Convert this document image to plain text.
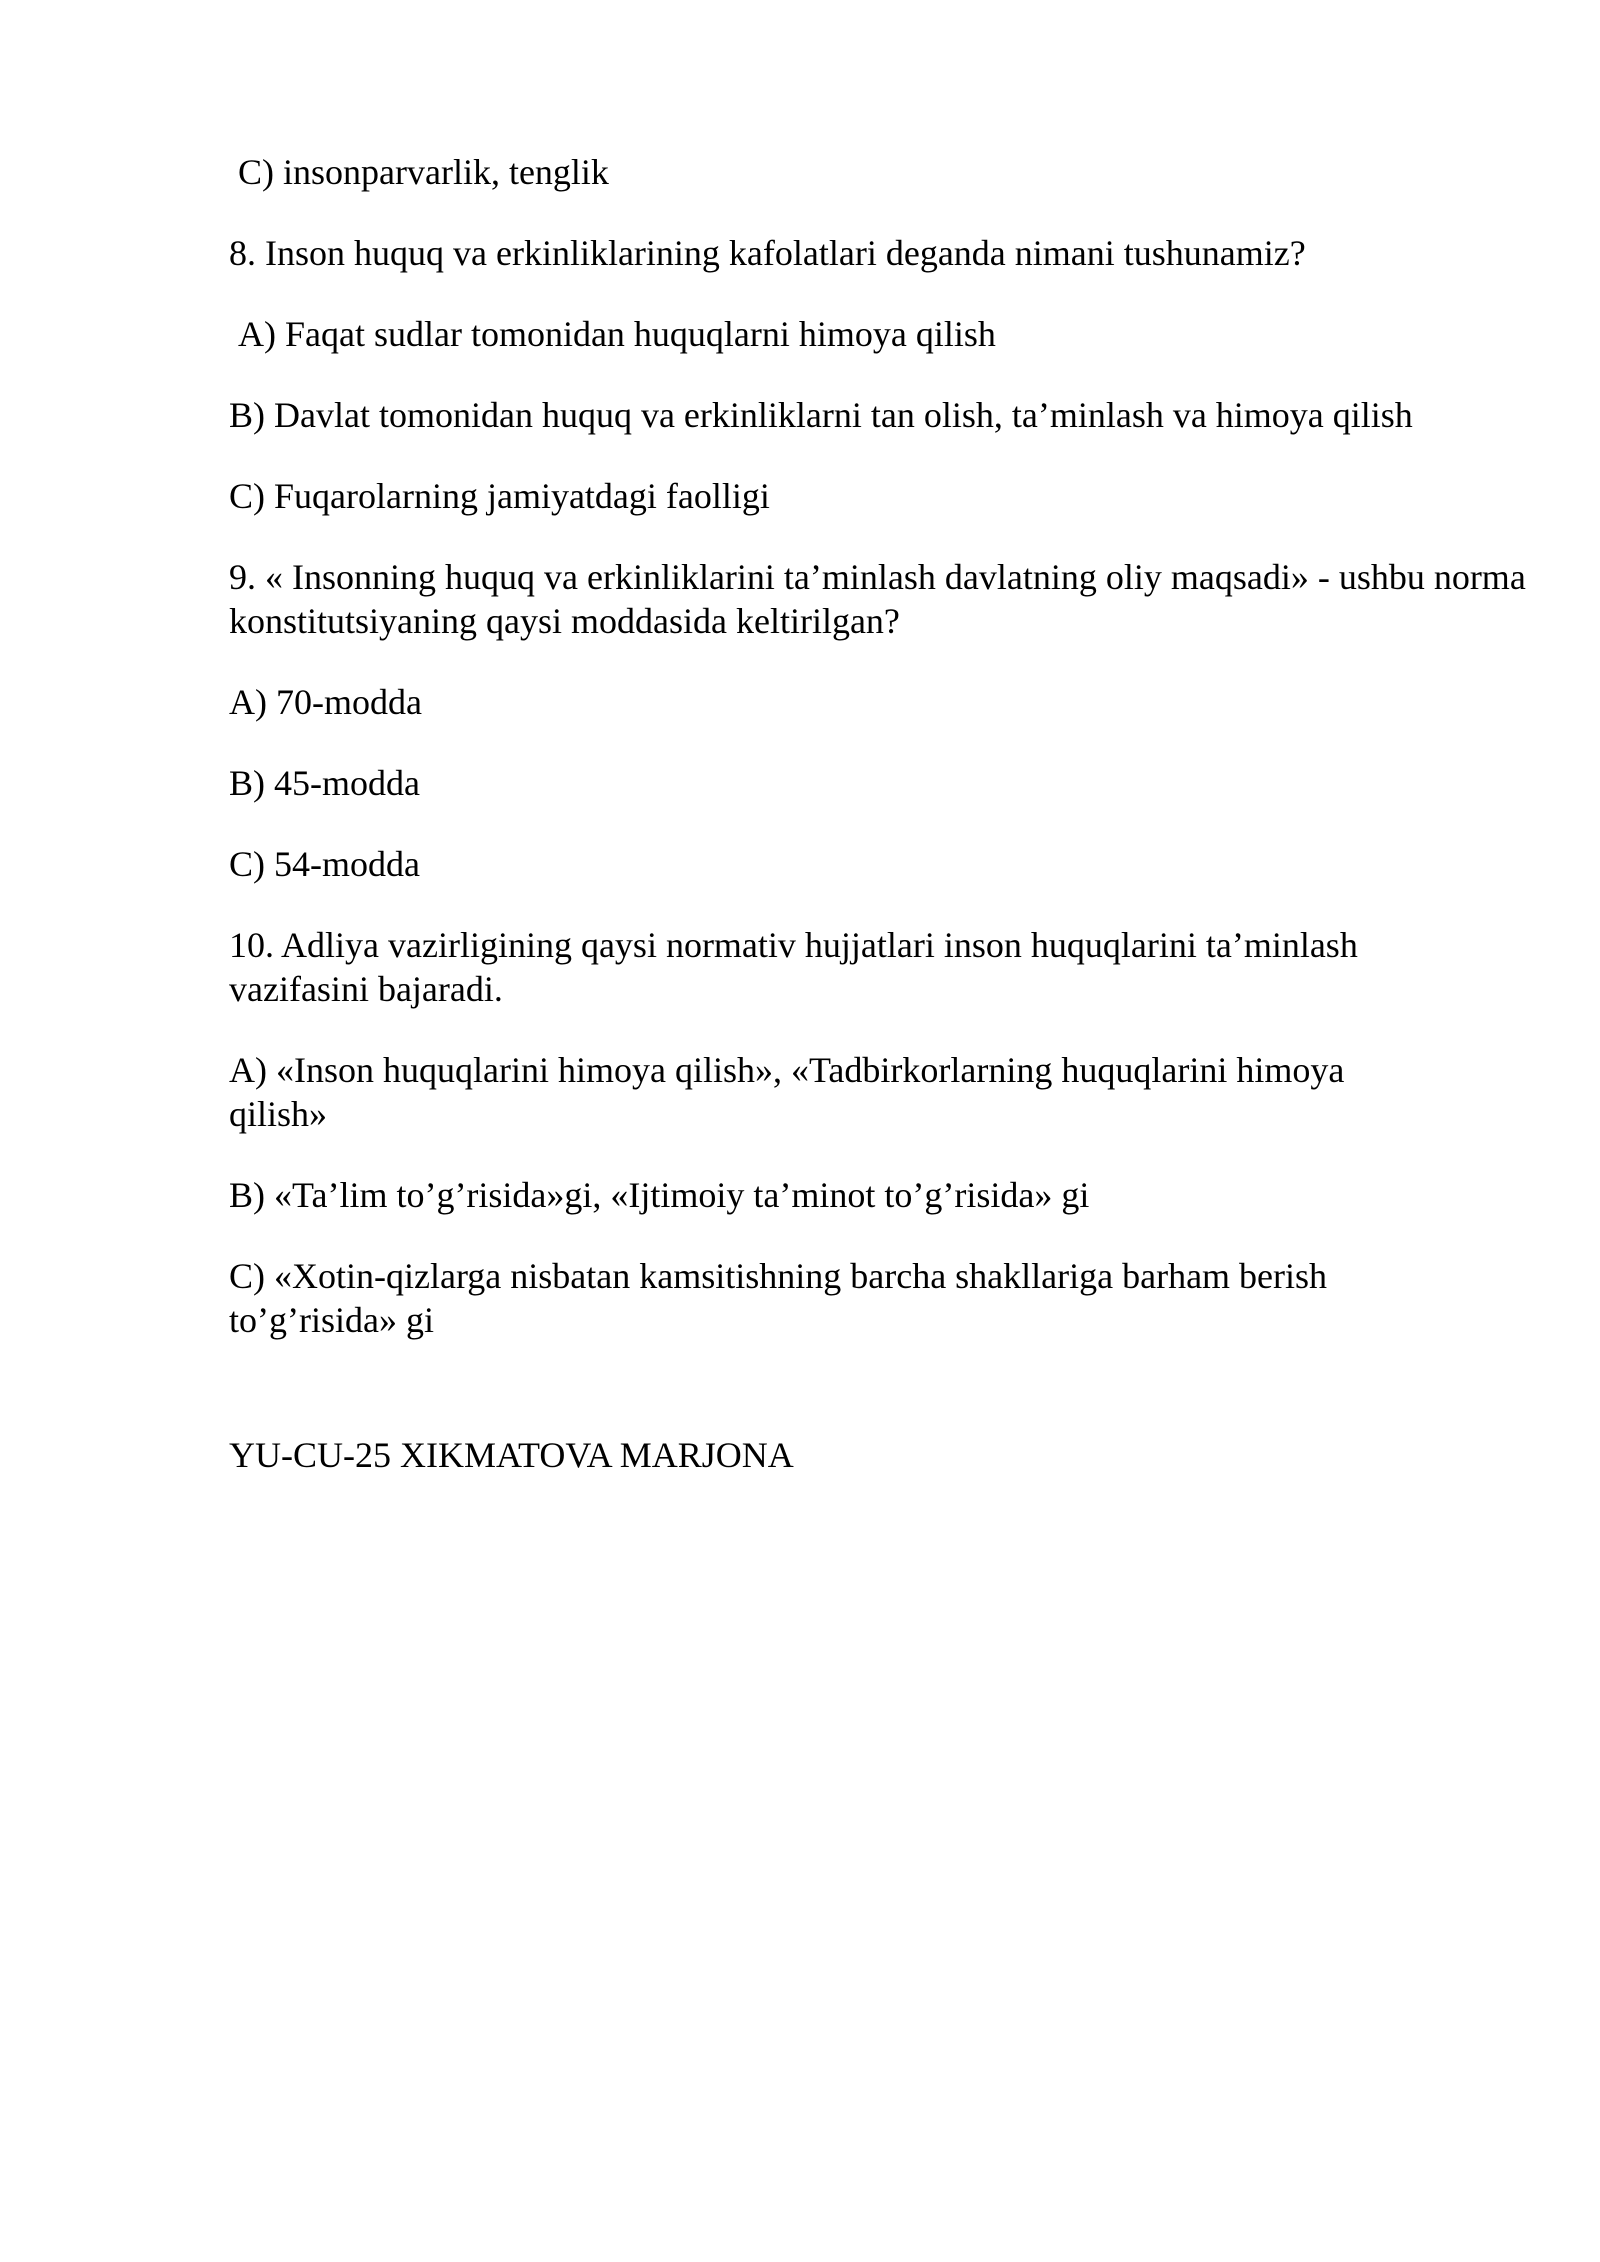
C) insonparvarlik, tenglik

8. Inson huquq va erkinliklarining kafolatlari deganda nimani tushunamiz?

A) Faqat sudlar tomonidan huquqlarni himoya qilish

B) Davlat tomonidan huquq va erkinliklarni tan olish, ta’minlash va himoya qilish

C) Fuqarolarning jamiyatdagi faolligi

9. « Insonning huquq va erkinliklarini ta’minlash davlatning oliy maqsadi» - ushbu norma konstitutsiyaning qaysi moddasida keltirilgan?

A) 70-modda

B) 45-modda

C) 54-modda

10. Adliya vazirligining qaysi normativ hujjatlari inson huquqlarini ta’minlash vazifasini bajaradi.

A) «Inson huquqlarini himoya qilish», «Tadbirkorlarning huquqlarini himoya qilish»

B) «Ta’lim to’g’risida»gi, «Ijtimoiy ta’minot to’g’risida» gi

C) «Xotin-qizlarga nisbatan kamsitishning barcha shakllariga barham berish to’g’risida» gi

YU-CU-25 XIKMATOVA MARJONA
